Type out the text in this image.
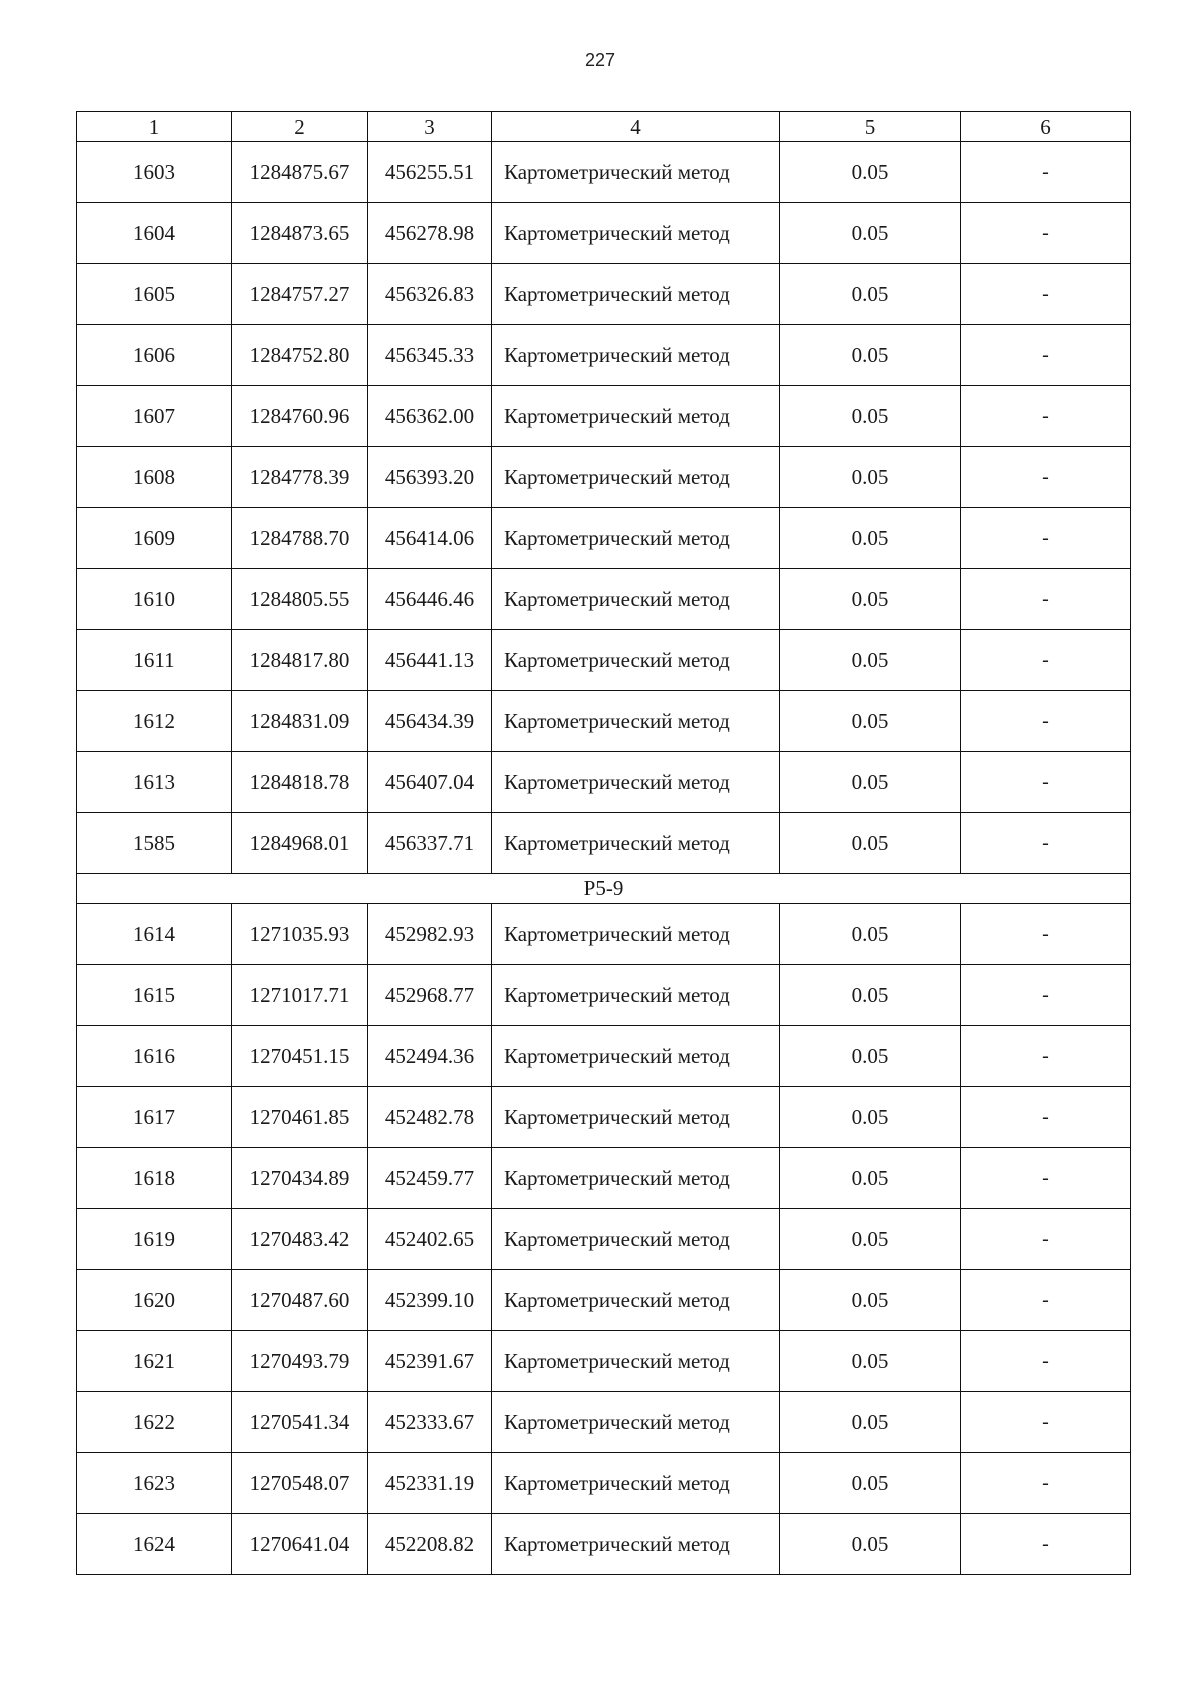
227
1	2	3	4	5	6
1603	1284875.67	456255.51	Картометрический метод	0.05	-
1604	1284873.65	456278.98	Картометрический метод	0.05	-
1605	1284757.27	456326.83	Картометрический метод	0.05	-
1606	1284752.80	456345.33	Картометрический метод	0.05	-
1607	1284760.96	456362.00	Картометрический метод	0.05	-
1608	1284778.39	456393.20	Картометрический метод	0.05	-
1609	1284788.70	456414.06	Картометрический метод	0.05	-
1610	1284805.55	456446.46	Картометрический метод	0.05	-
1611	1284817.80	456441.13	Картометрический метод	0.05	-
1612	1284831.09	456434.39	Картометрический метод	0.05	-
1613	1284818.78	456407.04	Картометрический метод	0.05	-
1585	1284968.01	456337.71	Картометрический метод	0.05	-
Р5-9					
1614	1271035.93	452982.93	Картометрический метод	0.05	-
1615	1271017.71	452968.77	Картометрический метод	0.05	-
1616	1270451.15	452494.36	Картометрический метод	0.05	-
1617	1270461.85	452482.78	Картометрический метод	0.05	-
1618	1270434.89	452459.77	Картометрический метод	0.05	-
1619	1270483.42	452402.65	Картометрический метод	0.05	-
1620	1270487.60	452399.10	Картометрический метод	0.05	-
1621	1270493.79	452391.67	Картометрический метод	0.05	-
1622	1270541.34	452333.67	Картометрический метод	0.05	-
1623	1270548.07	452331.19	Картометрический метод	0.05	-
1624	1270641.04	452208.82	Картометрический метод	0.05	-
